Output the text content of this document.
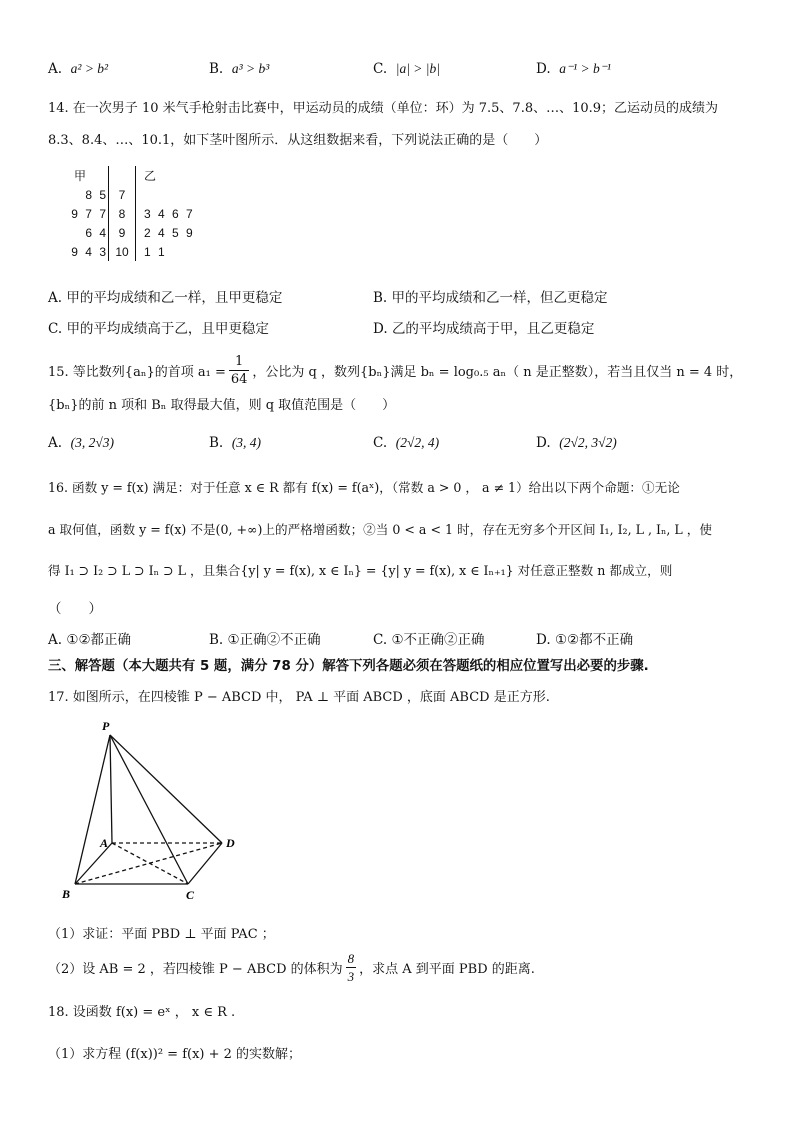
A. a² > b²	B. a³ > b³	C. |a| > |b|	D. a⁻¹ > b⁻¹
14. 在一次男子 10 米气手枪射击比赛中，甲运动员的成绩（单位：环）为 7.5、7.8、…、10.9；乙运动员的成绩为
8.3、8.4、…、10.1，如下茎叶图所示．从这组数据来看，下列说法正确的是（　　）
甲		乙
8 5	7	
9 7 7	8	3 4 6 7
6 4	9	2 4 5 9
9 4 3	10	1 1
A. 甲的平均成绩和乙一样，且甲更稳定	B. 甲的平均成绩和乙一样，但乙更稳定
C. 甲的平均成绩高于乙，且甲更稳定	D. 乙的平均成绩高于甲，且乙更稳定
15. 等比数列{aₙ}的首项 $a_1 = \frac{1}{64}$ ，公比为 q ，数列{bₙ}满足 bₙ = log₀.₅ aₙ（ n 是正整数），若当且仅当 n = 4 时，
{bₙ}的前 n 项和 Bₙ 取得最大值，则 q 取值范围是（　　）
A. (3, 2√3)	B. (3, 4)	C. (2√2, 4)	D. (2√2, 3√2)
16. 函数 y = f(x) 满足：对于任意 x ∈ R 都有 f(x) = f(aˣ)，（常数 a > 0 ， a ≠ 1）给出以下两个命题：①无论
a 取何值，函数 y = f(x) 不是(0, +∞)上的严格增函数；②当 0 < a < 1 时，存在无穷多个开区间 I₁, I₂, L , Iₙ, L ，使
得 I₁ ⊃ I₂ ⊃ L ⊃ Iₙ ⊃ L ，且集合{y| y = f(x), x ∈ Iₙ} = {y| y = f(x), x ∈ Iₙ₊₁} 对任意正整数 n 都成立，则
（　　）
A. ①②都正确	B. ①正确②不正确	C. ①不正确②正确	D. ①②都不正确
三、解答题（本大题共有 5 题，满分 78 分）解答下列各题必须在答题纸的相应位置写出必要的步骤.
17. 如图所示，在四棱锥 P − ABCD 中， PA ⊥ 平面 ABCD ，底面 ABCD 是正方形.
P
A
B	C
D
（1）求证：平面 PBD ⊥ 平面 PAC ；
（2）设 AB = 2 ，若四棱锥 P − ABCD 的体积为 $\frac{8}{3}$ ，求点 A 到平面 PBD 的距离.
18. 设函数 f(x) = eˣ ， x ∈ R .
（1）求方程 (f(x))² = f(x) + 2 的实数解；
